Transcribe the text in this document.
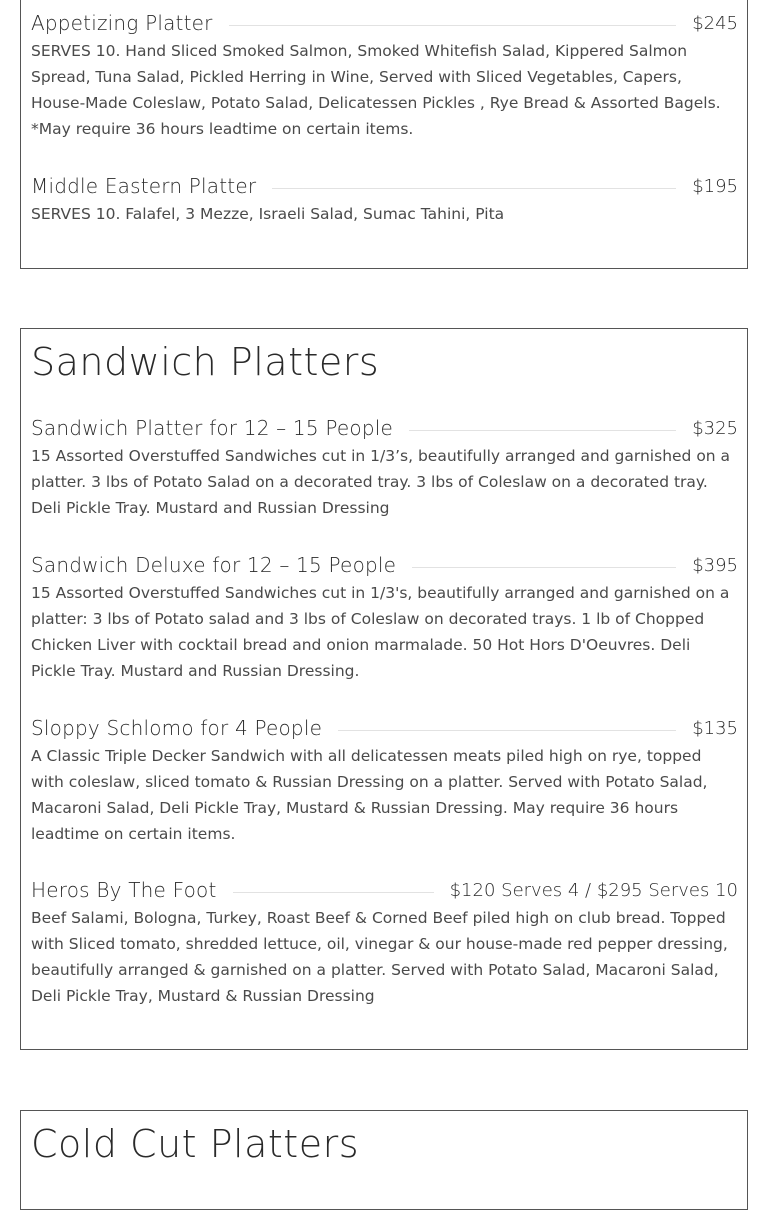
Appetizing Platter	$245

SERVES 10. Hand Sliced Smoked Salmon, Smoked Whitefish Salad, Kippered Salmon Spread, Tuna Salad, Pickled Herring in Wine, Served with Sliced Vegetables, Capers, House-Made Coleslaw, Potato Salad, Delicatessen Pickles , Rye Bread & Assorted Bagels. *May require 36 hours leadtime on certain items.

Middle Eastern Platter	$195

SERVES 10. Falafel, 3 Mezze, Israeli Salad, Sumac Tahini, Pita

Sandwich Platters
Sandwich Platter for 12 – 15 People	$325

15 Assorted Overstuffed Sandwiches cut in 1/3’s, beautifully arranged and garnished on a platter. 3 lbs of Potato Salad on a decorated tray. 3 lbs of Coleslaw on a decorated tray. Deli Pickle Tray. Mustard and Russian Dressing

Sandwich Deluxe for 12 – 15 People	$395

15 Assorted Overstuffed Sandwiches cut in 1/3's, beautifully arranged and garnished on a platter: 3 lbs of Potato salad and 3 lbs of Coleslaw on decorated trays. 1 lb of Chopped Chicken Liver with cocktail bread and onion marmalade. 50 Hot Hors D'Oeuvres. Deli Pickle Tray. Mustard and Russian Dressing.

Sloppy Schlomo for 4 People	$135

A Classic Triple Decker Sandwich with all delicatessen meats piled high on rye, topped with coleslaw, sliced tomato & Russian Dressing on a platter. Served with Potato Salad, Macaroni Salad, Deli Pickle Tray, Mustard & Russian Dressing. May require 36 hours leadtime on certain items.

Heros By The Foot	$120 Serves 4 / $295 Serves 10

Beef Salami, Bologna, Turkey, Roast Beef & Corned Beef piled high on club bread. Topped with Sliced tomato, shredded lettuce, oil, vinegar & our house-made red pepper dressing, beautifully arranged & garnished on a platter. Served with Potato Salad, Macaroni Salad, Deli Pickle Tray, Mustard & Russian Dressing

Cold Cut Platters
